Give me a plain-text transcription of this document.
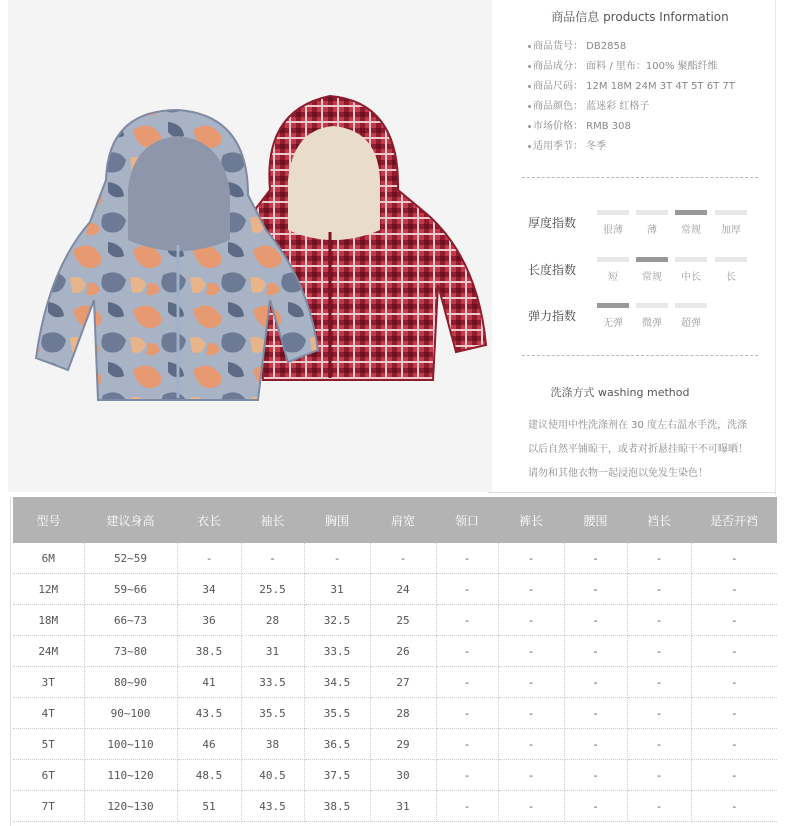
商品信息 products Information
商品货号： DB2858
商品成分： 面料 / 里布：100% 聚酯纤维
商品尺码： 12M 18M 24M 3T 4T 5T 6T 7T
商品颜色： 蓝迷彩 红格子
市场价格： RMB 308
适用季节： 冬季
厚度指数
很薄	薄	常规	加厚
长度指数
短	常规	中长	长
弹力指数
无弹	微弹	超弹
洗涤方式 washing method
建议使用中性洗涤剂在 30 度左右温水手洗，洗涤
以后自然平铺晾干，或者对折悬挂晾干不可曝晒！
请勿和其他衣物一起浸泡以免发生染色！
型号	建议身高	衣长	袖长	胸围	肩宽	领口	裤长	腰围	裆长	是否开裆
6M	52~59	-	-	-	-	-	-	-	-	-
12M	59~66	34	25.5	31	24	-	-	-	-	-
18M	66~73	36	28	32.5	25	-	-	-	-	-
24M	73~80	38.5	31	33.5	26	-	-	-	-	-
3T	80~90	41	33.5	34.5	27	-	-	-	-	-
4T	90~100	43.5	35.5	35.5	28	-	-	-	-	-
5T	100~110	46	38	36.5	29	-	-	-	-	-
6T	110~120	48.5	40.5	37.5	30	-	-	-	-	-
7T	120~130	51	43.5	38.5	31	-	-	-	-	-
